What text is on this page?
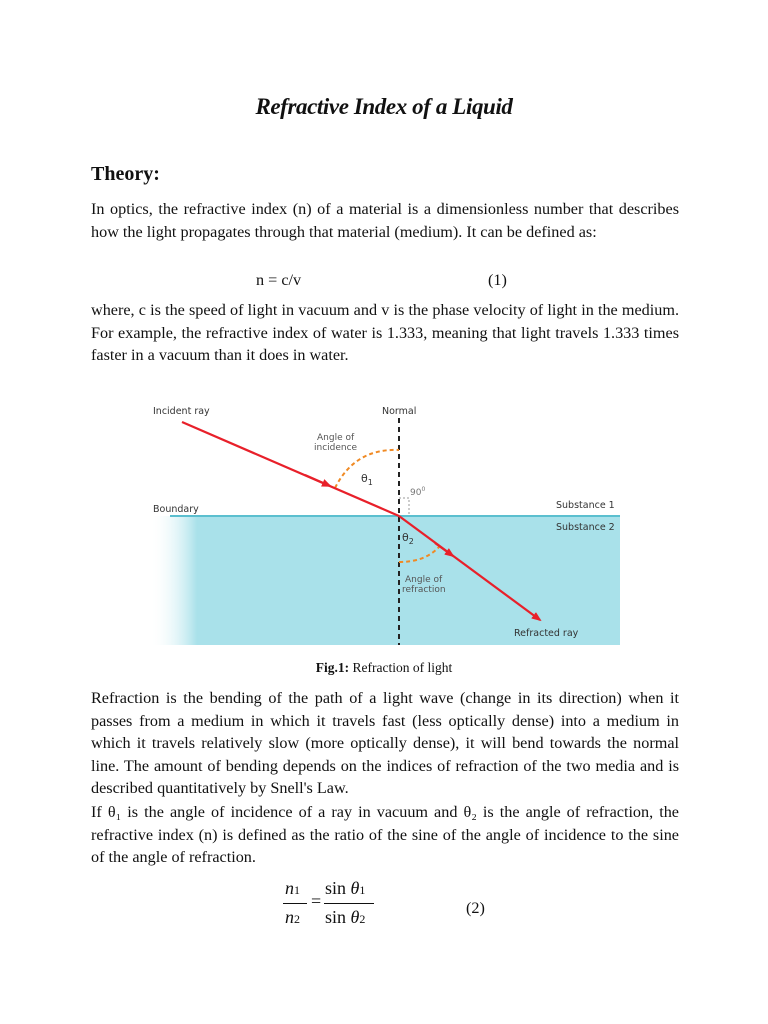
Refractive Index of a Liquid
Theory:

In optics, the refractive index (n) of a material is a dimensionless number that describes how the light propagates through that material (medium). It can be defined as:

n = c/v	(1)

where, c is the speed of light in vacuum and v is the phase velocity of light in the medium. For example, the refractive index of water is 1.333, meaning that light travels 1.333 times faster in a vacuum than it does in water.

Incident ray	Normal
Angle of
incidence
$\theta_1$
$90^0$
Boundary	Substance 1
Substance 2
$\theta_2$
Angle of
refraction
Refracted ray
Fig.1: Refraction of light

Refraction is the bending of the path of a light wave (change in its direction) when it passes from a medium in which it travels fast (less optically dense) into a medium in which it travels relatively slow (more optically dense), it will bend towards the normal line. The amount of bending depends on the indices of refraction of the two media and is described quantitatively by Snell's Law.

If θ₁ is the angle of incidence of a ray in vacuum and θ₂ is the angle of refraction, the refractive index (n) is defined as the ratio of the sine of the angle of incidence to the sine of the angle of refraction.

n1
n2
=
sin θ1
sin θ2
(2)
